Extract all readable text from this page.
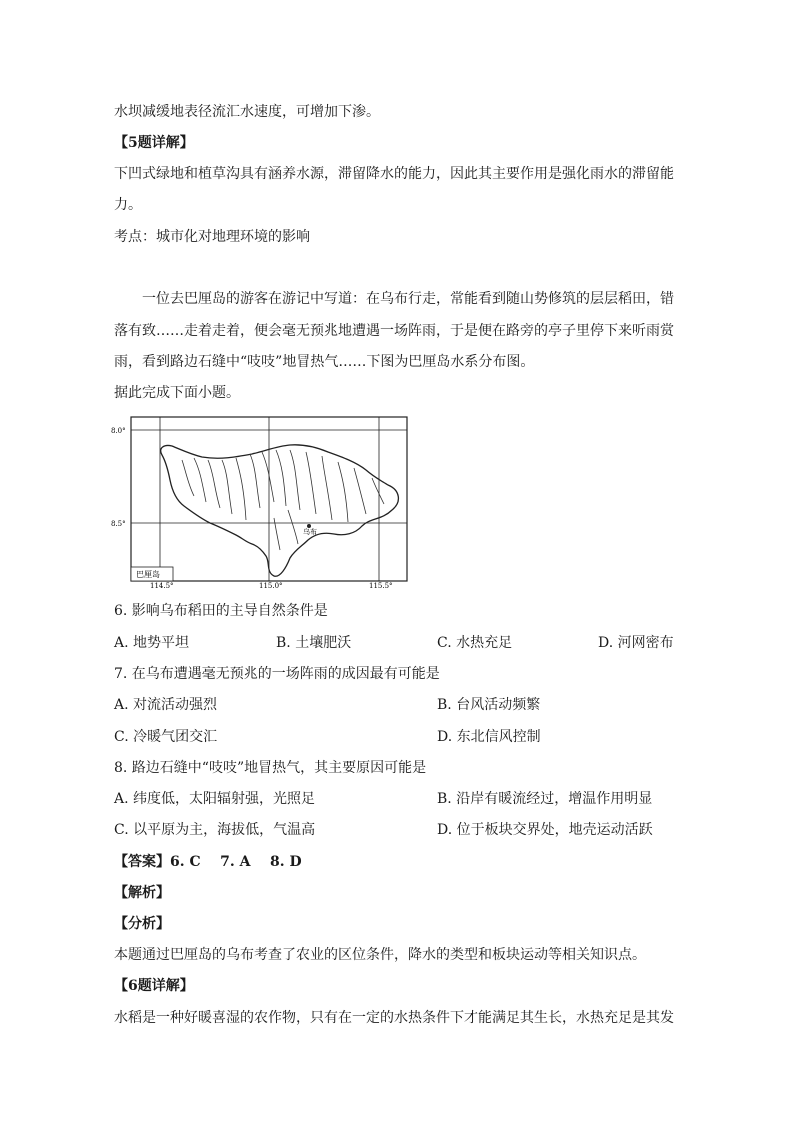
水坝减缓地表径流汇水速度，可增加下渗。
【5题详解】
下凹式绿地和植草沟具有涵养水源，滞留降水的能力，因此其主要作用是强化雨水的滞留能
力。
考点：城市化对地理环境的影响
一位去巴厘岛的游客在游记中写道：在乌布行走，常能看到随山势修筑的层层稻田，错
落有致……走着走着，便会毫无预兆地遭遇一场阵雨，于是便在路旁的亭子里停下来听雨赏
雨，看到路边石缝中“吱吱”地冒热气……下图为巴厘岛水系分布图。
据此完成下面小题。
乌布
8.0°
8.5°
114.5°	115.0°	115.5°
巴厘岛
6. 影响乌布稻田的主导自然条件是
A. 地势平坦	B. 土壤肥沃	C. 水热充足	D. 河网密布
7. 在乌布遭遇毫无预兆的一场阵雨的成因最有可能是
A. 对流活动强烈	B. 台风活动频繁
C. 冷暖气团交汇	D. 东北信风控制
8. 路边石缝中“吱吱”地冒热气，其主要原因可能是
A. 纬度低，太阳辐射强，光照足	B. 沿岸有暖流经过，增温作用明显
C. 以平原为主，海拔低，气温高	D. 位于板块交界处，地壳运动活跃
【答案】6. C    7. A    8. D
【解析】
【分析】
本题通过巴厘岛的乌布考查了农业的区位条件，降水的类型和板块运动等相关知识点。
【6题详解】
水稻是一种好暖喜湿的农作物，只有在一定的水热条件下才能满足其生长，水热充足是其发
